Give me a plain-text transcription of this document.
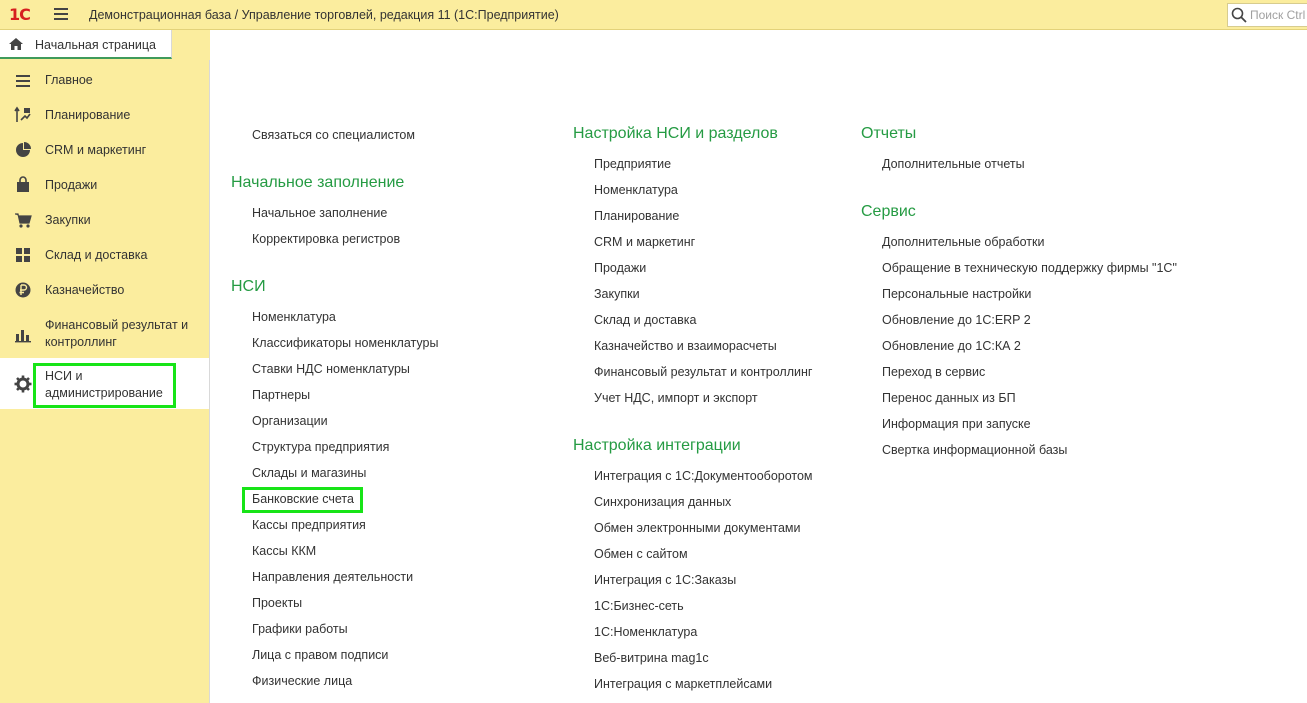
1С	Демонстрационная база / Управление торговлей, редакция 11 (1С:Предприятие)	Поиск Ctrl
Начальная страница
Главное
Планирование
CRM и маркетинг
Продажи
Закупки
Склад и доставка
Казначейство
Финансовый результат и контроллинг
НСИ и администрирование
Связаться со специалистом
Начальное заполнение
Начальное заполнение
Корректировка регистров
НСИ
Номенклатура
Классификаторы номенклатуры
Ставки НДС номенклатуры
Партнеры
Организации
Структура предприятия
Склады и магазины
Банковские счета
Кассы предприятия
Кассы ККМ
Направления деятельности
Проекты
Графики работы
Лица с правом подписи
Физические лица
Настройка НСИ и разделов
Предприятие
Номенклатура
Планирование
CRM и маркетинг
Продажи
Закупки
Склад и доставка
Казначейство и взаиморасчеты
Финансовый результат и контроллинг
Учет НДС, импорт и экспорт
Настройка интеграции
Интеграция с 1С:Документооборотом
Синхронизация данных
Обмен электронными документами
Обмен с сайтом
Интеграция с 1С:Заказы
1С:Бизнес-сеть
1С:Номенклатура
Веб-витрина mag1c
Интеграция с маркетплейсами
Отчеты
Дополнительные отчеты
Сервис
Дополнительные обработки
Обращение в техническую поддержку фирмы "1С"
Персональные настройки
Обновление до 1С:ERP 2
Обновление до 1С:КА 2
Переход в сервис
Перенос данных из БП
Информация при запуске
Свертка информационной базы
